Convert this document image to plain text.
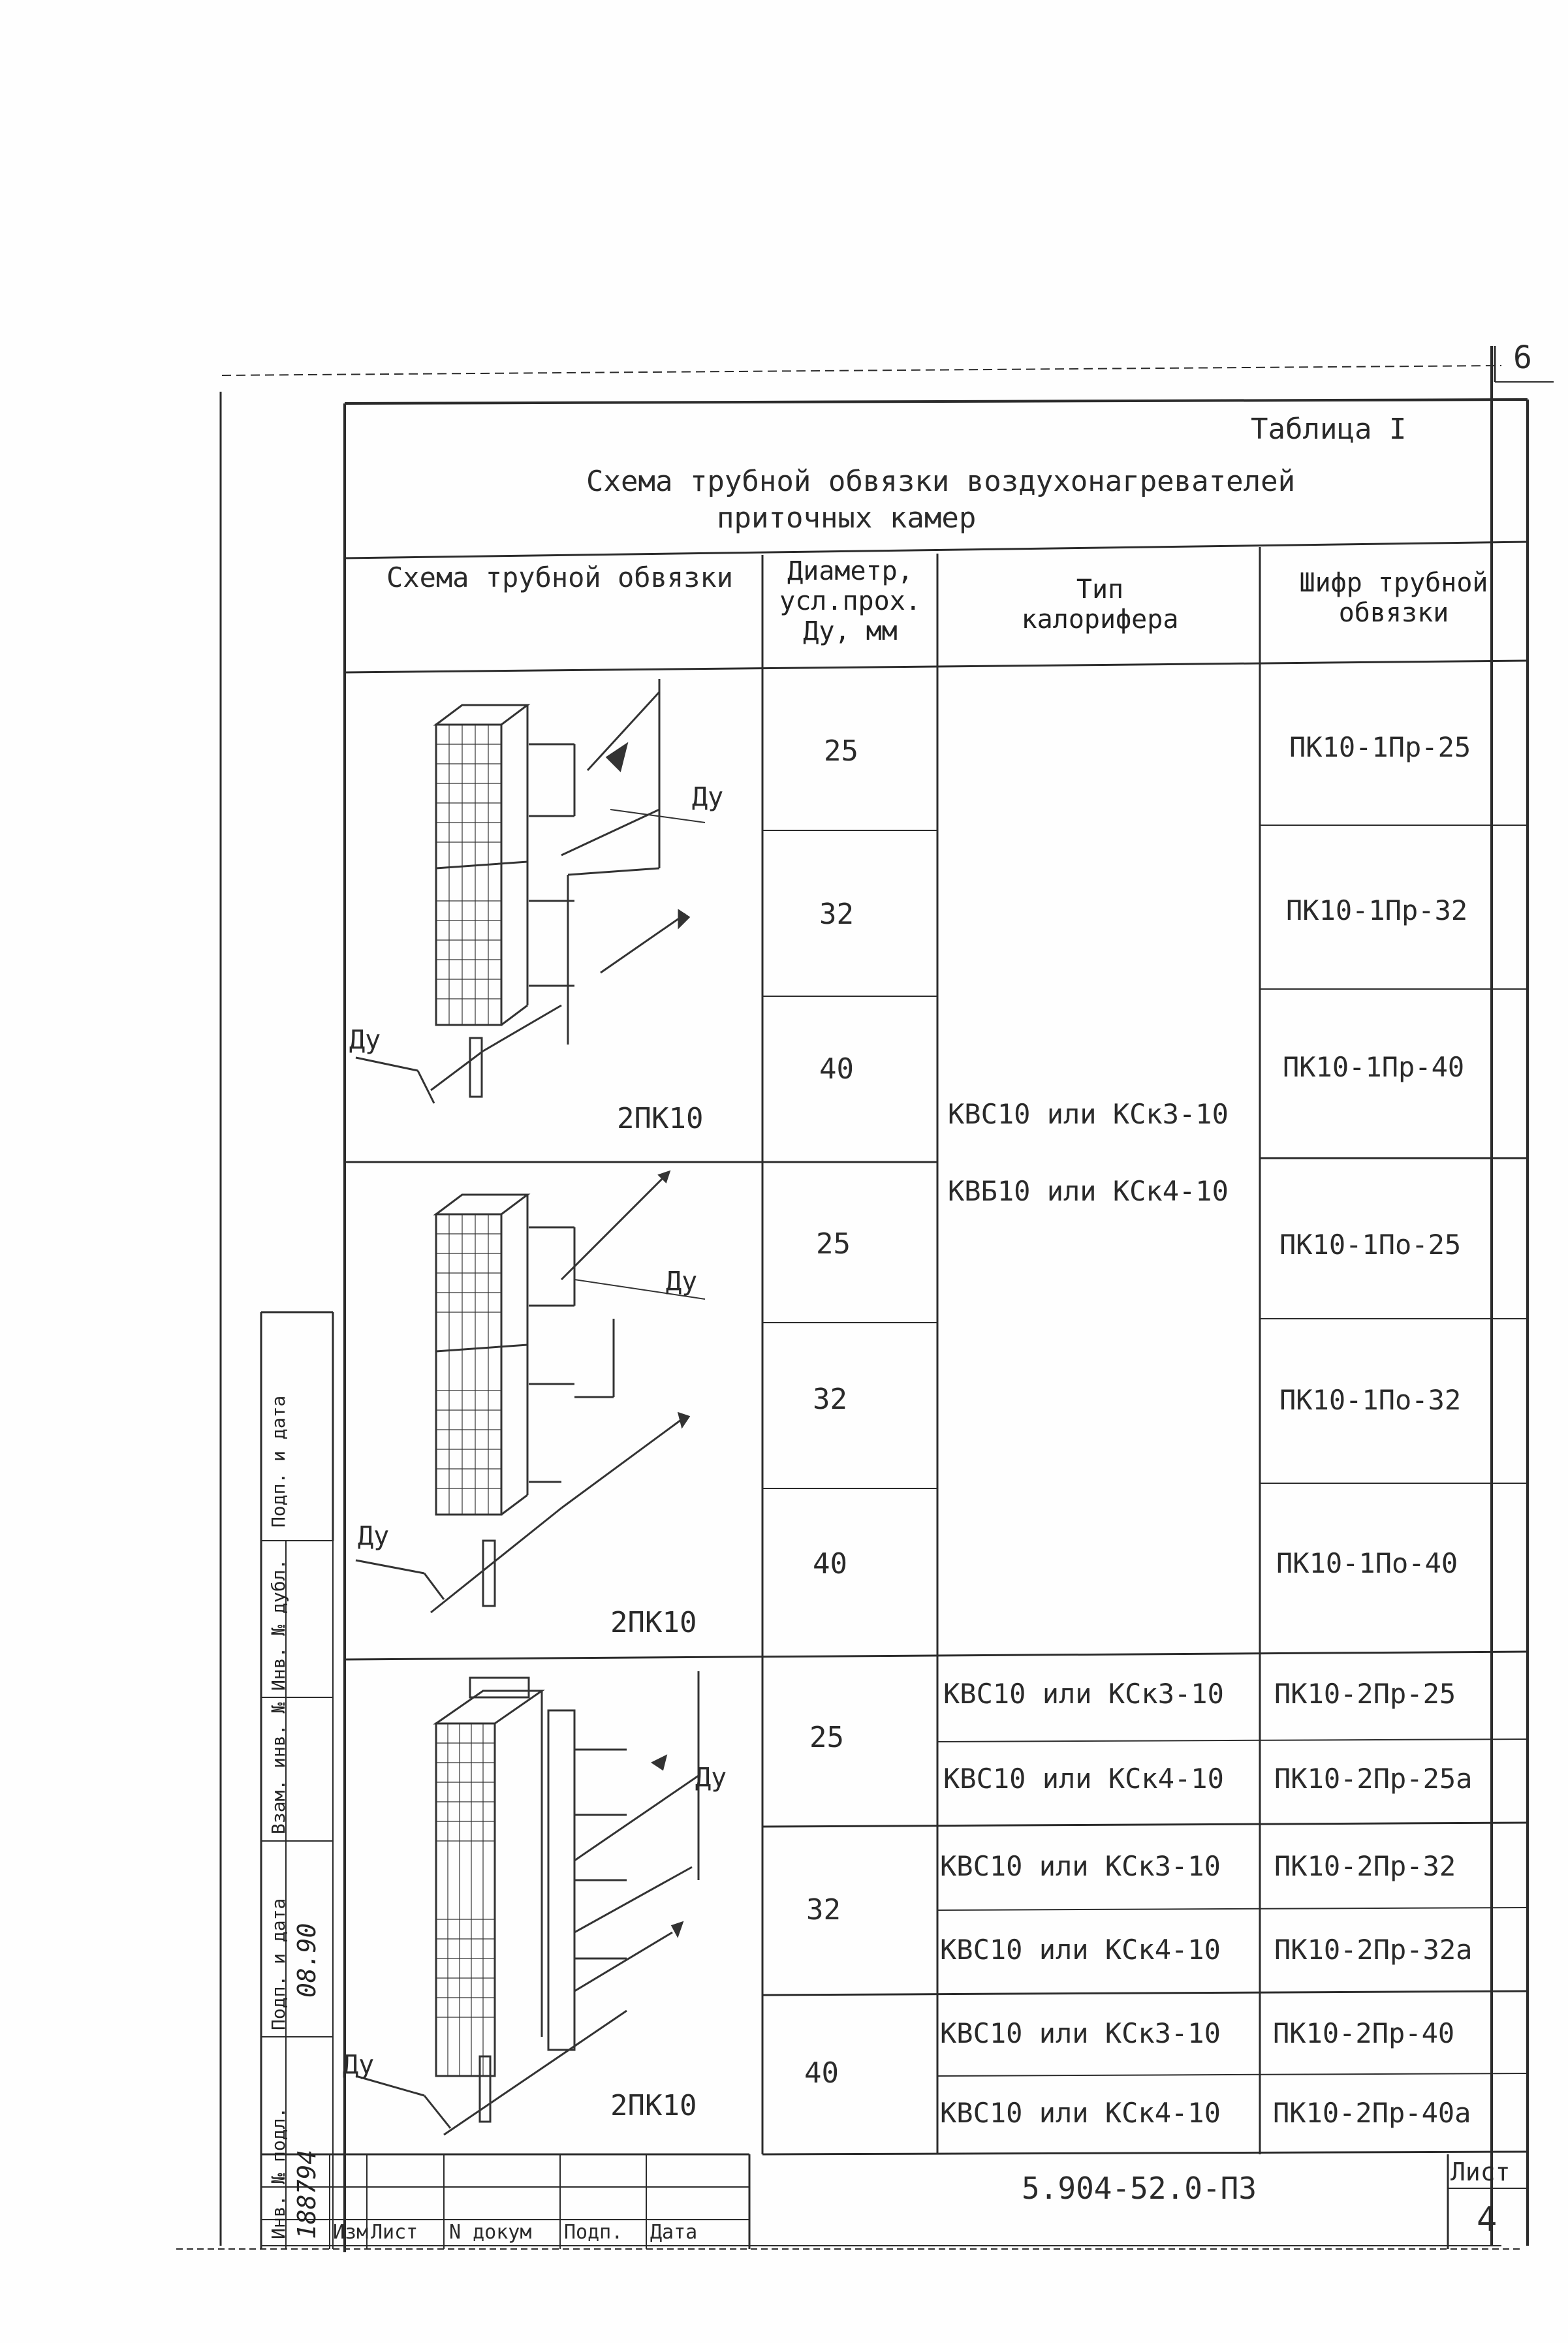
6
Таблица I
Схема трубной обвязки воздухонагревателей
приточных камер
Схема трубной обвязки	Диаметр,
усл.прох.
Ду, мм
Тип
калорифера
Шифр трубной
обвязки
Ду
Ду
2ПК10
Ду
Ду
2ПК10
Ду
Ду
2ПК10
25
32
40
25
32
40
КВС10 или КСк3-10
КВБ10 или КСк4-10
ПК10-1Пр-25
ПК10-1Пр-32
ПК10-1Пр-40
ПК10-1По-25
ПК10-1По-32
ПК10-1По-40
25
32
40
КВС10 или КСк3-10
КВС10 или КСк4-10
КВС10 или КСк3-10
КВС10 или КСк4-10
КВС10 или КСк3-10
КВС10 или КСк4-10
ПК10-2Пр-25
ПК10-2Пр-25а
ПК10-2Пр-32
ПК10-2Пр-32а
ПК10-2Пр-40
ПК10-2Пр-40а
5.904-52.0-ПЗ	Лист
4
Изм Лист N докум Подп. Дата
Подп. и дата
Инв. № дубл.
Взам. инв. №
Подп. и дата
Инв. № подл. 188794
08.90
